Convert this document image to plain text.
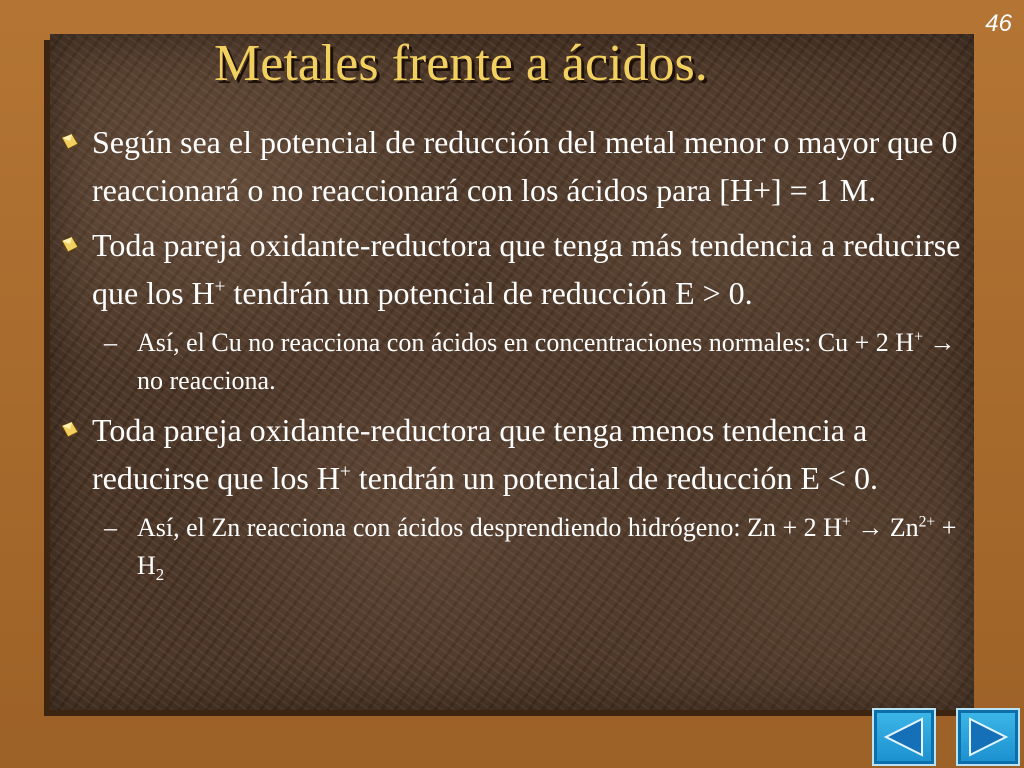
46
Metales frente a ácidos.
Según sea el potencial de reducción del metal menor o mayor que 0 reaccionará o no reaccionará con los ácidos para [H+] = 1 M.
Toda pareja oxidante-reductora que tenga más tendencia a reducirse que los H+ tendrán un potencial de reducción E > 0.
– Así, el Cu no reacciona con ácidos en concentraciones normales: Cu + 2 H+ → no reacciona.
Toda pareja oxidante-reductora que tenga menos tendencia a reducirse que los H+ tendrán un potencial de reducción E < 0.
– Así, el Zn reacciona con ácidos desprendiendo hidrógeno: Zn + 2 $H^+ \to Zn^{2+} + H_2$
